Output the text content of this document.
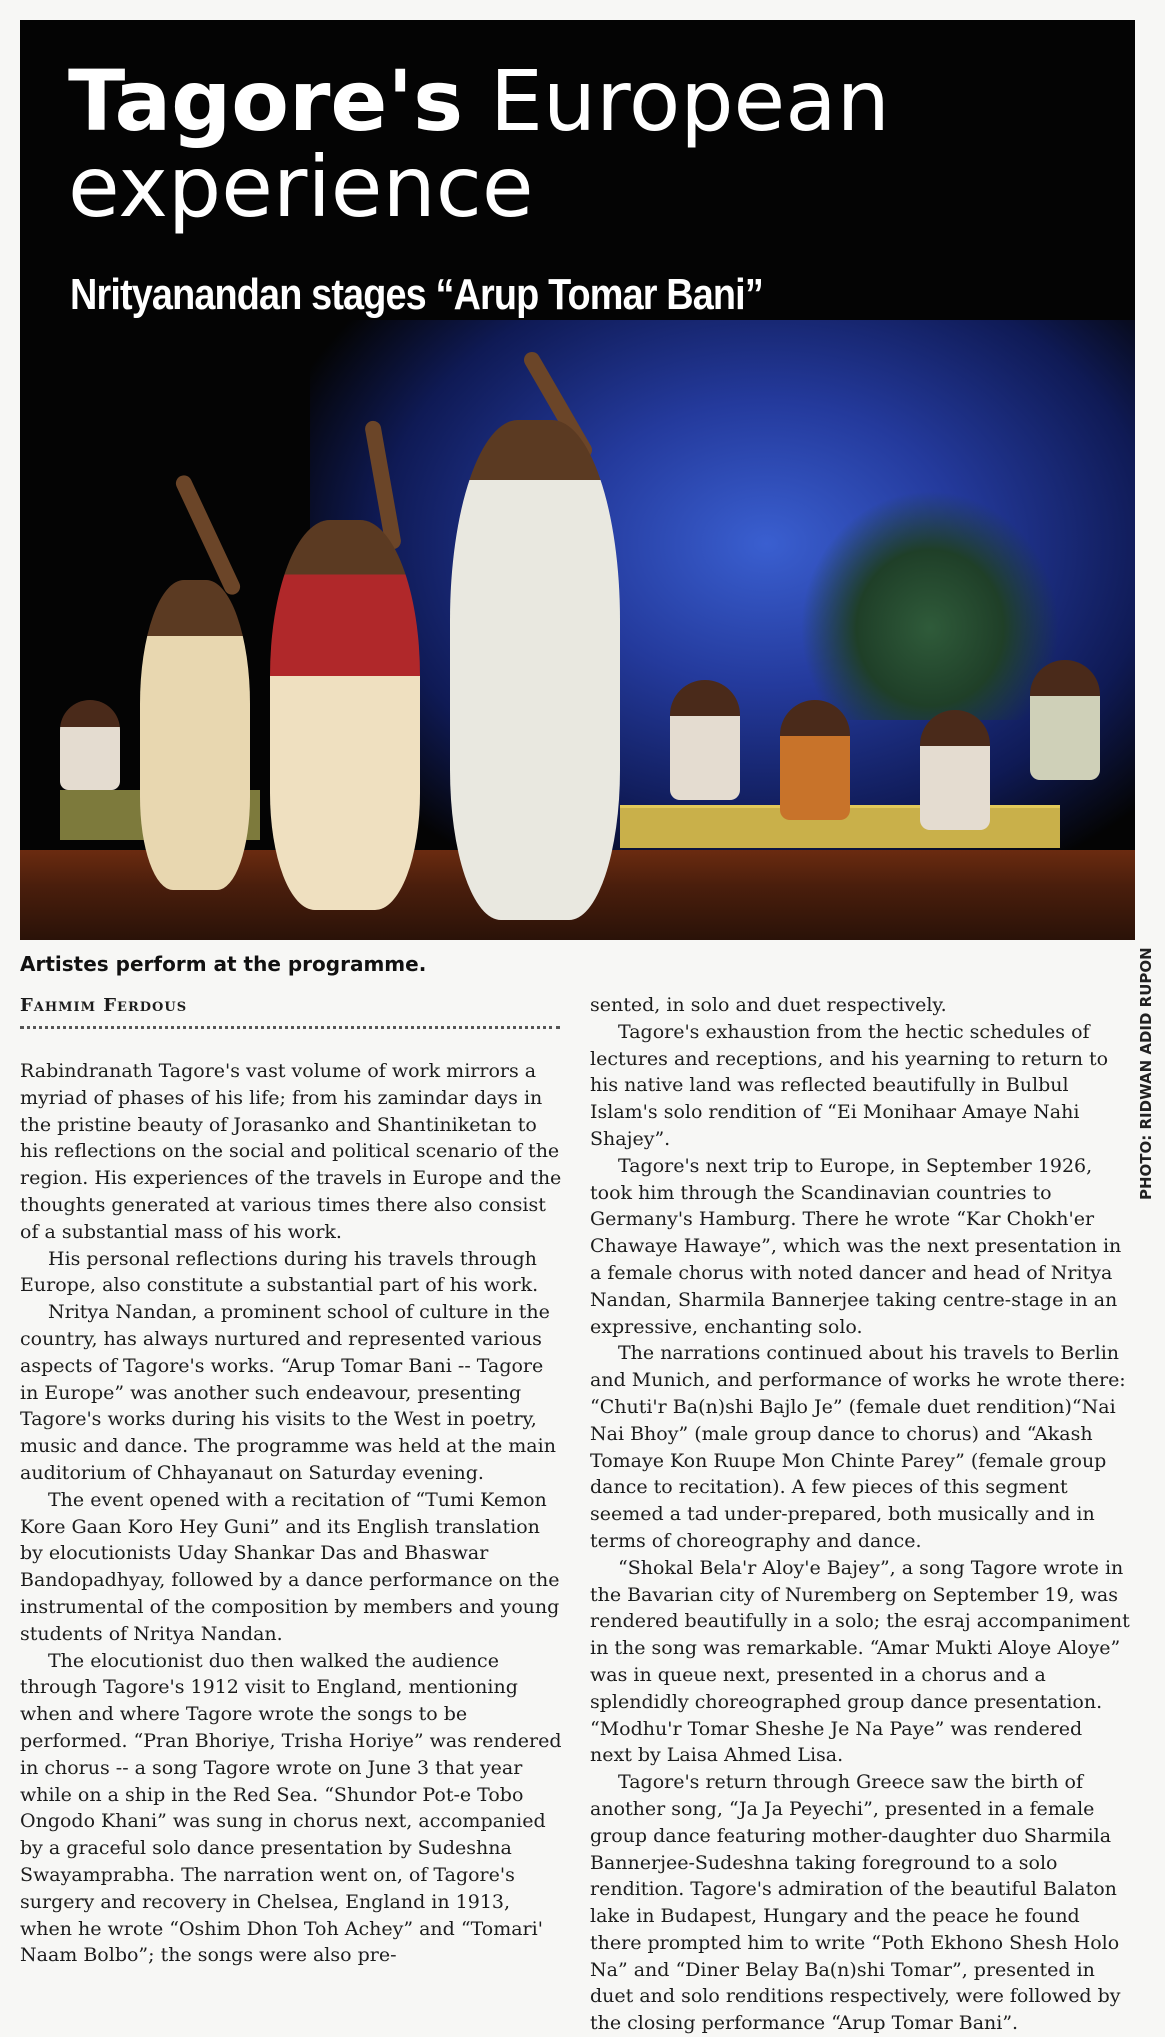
Tagore's European experience
Nrityanandan stages “Arup Tomar Bani”
PHOTO: RIDWAN ADID RUPON
Artistes perform at the programme.
Fahmim Ferdous

Rabindranath Tagore's vast volume of work mirrors a myriad of phases of his life; from his zamindar days in the pristine beauty of Jorasanko and Shantiniketan to his reflections on the social and political scenario of the region. His experiences of the travels in Europe and the thoughts generated at various times there also consist of a substantial mass of his work.

His personal reflections during his travels through Europe, also constitute a substantial part of his work.

Nritya Nandan, a prominent school of culture in the country, has always nurtured and represented various aspects of Tagore's works. “Arup Tomar Bani -- Tagore in Europe” was another such endeavour, presenting Tagore's works during his visits to the West in poetry, music and dance. The programme was held at the main auditorium of Chhayanaut on Saturday evening.

The event opened with a recitation of “Tumi Kemon Kore Gaan Koro Hey Guni” and its English translation by elocutionists Uday Shankar Das and Bhaswar Bandopadhyay, followed by a dance performance on the instrumental of the composition by members and young students of Nritya Nandan.

The elocutionist duo then walked the audience through Tagore's 1912 visit to England, mentioning when and where Tagore wrote the songs to be performed. “Pran Bhoriye, Trisha Horiye” was rendered in chorus -- a song Tagore wrote on June 3 that year while on a ship in the Red Sea. “Shundor Pot-e Tobo Ongodo Khani” was sung in chorus next, accompanied by a graceful solo dance presentation by Sudeshna Swayamprabha. The narration went on, of Tagore's surgery and recovery in Chelsea, England in 1913, when he wrote “Oshim Dhon Toh Achey” and “Tomari' Naam Bolbo”; the songs were also pre-

sented, in solo and duet respectively.

Tagore's exhaustion from the hectic schedules of lectures and receptions, and his yearning to return to his native land was reflected beautifully in Bulbul Islam's solo rendition of “Ei Monihaar Amaye Nahi Shajey”.

Tagore's next trip to Europe, in September 1926, took him through the Scandinavian countries to Germany's Hamburg. There he wrote “Kar Chokh'er Chawaye Hawaye”, which was the next presentation in a female chorus with noted dancer and head of Nritya Nandan, Sharmila Bannerjee taking centre-stage in an expressive, enchanting solo.

The narrations continued about his travels to Berlin and Munich, and performance of works he wrote there: “Chuti'r Ba(n)shi Bajlo Je” (female duet rendition)“Nai Nai Bhoy” (male group dance to chorus) and “Akash Tomaye Kon Ruupe Mon Chinte Parey” (female group dance to recitation). A few pieces of this segment seemed a tad under-prepared, both musically and in terms of choreography and dance.

“Shokal Bela'r Aloy'e Bajey”, a song Tagore wrote in the Bavarian city of Nuremberg on September 19, was rendered beautifully in a solo; the esraj accompaniment in the song was remarkable. “Amar Mukti Aloye Aloye” was in queue next, presented in a chorus and a splendidly choreographed group dance presentation. “Modhu'r Tomar Sheshe Je Na Paye” was rendered next by Laisa Ahmed Lisa.

Tagore's return through Greece saw the birth of another song, “Ja Ja Peyechi”, presented in a female group dance featuring mother-daughter duo Sharmila Bannerjee-Sudeshna taking foreground to a solo rendition. Tagore's admiration of the beautiful Balaton lake in Budapest, Hungary and the peace he found there prompted him to write “Poth Ekhono Shesh Holo Na” and “Diner Belay Ba(n)shi Tomar”, presented in duet and solo renditions respectively, were followed by the closing performance “Arup Tomar Bani”.
